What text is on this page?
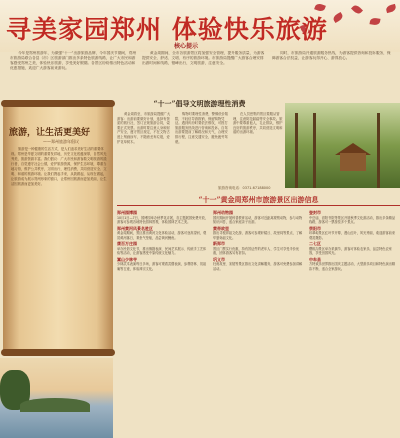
寻美家园郑州 体验快乐旅游
核心提示

今年是郑州旅游年，为做强“十一”出游旅游品牌，今年国庆节期间，郑州市旅游局联合各县（市）区旅游部门推出多条特色旅游线路，让广大市民和游客感受郑州之美，体验快乐旅游，享受美好假期。各景区纷纷推出特色活动和优惠措施，欢迎广大游客前来游玩。

黄金周期间，全市各旅游景区将加强安全管理，提升服务质量，为游客提供安全、舒适、文明、有序的旅游环境。市旅游局提醒广大游客合理安排出游时间和线路，错峰出行，文明旅游，注意安全。

同时，市旅游局开通旅游服务热线，为游客提供咨询和投诉服务，保障游客合法权益，让游客玩得开心、游得放心。

旅游，让生活更美好
——郑州旅游年倡议
旅游是一种健康的生活方式，是人们追求美好生活的重要体现。郑州是华夏文明的重要发祥地，历史文化底蕴深厚，自然风光秀美，旅游资源丰富。我们倡议：广大市民和游客做文明旅游的践行者，自觉遵守社会公德，爱护旅游资源，保护生态环境，尊重当地习俗，维护公共秩序，文明出行，理性消费，共同营造安全、文明、和谐的旅游环境。让我们携起手来，从我做起，从现在做起，让旅游成为展示郑州形象的窗口，让郑州因旅游而更加美丽，让生活因旅游而更加美好。
“十一”倡导文明旅游理性消费

黄金周将至，市旅游局提醒广大游客：出游前要做好计划，选择有资质的旅行社，签订正规旅游合同，索要正式发票。出游时要注意人身和财产安全，遵守景区规定，不在文物古迹上刻画涂写，不随意丢弃垃圾，爱护花草树木。

购物时要理性消费，警惕低价陷阱，不轻信导游推销，保留购物凭证。遇到纠纷时要依法维权，可拨打旅游服务热线进行咨询和投诉。自驾出游要提前了解路况和天气，合理安排行程，注意交通安全，避免疲劳驾驶。

在人员密集的景区要服从管理，注意防范踩踏等安全事故。旅游中要尊重他人，礼让排队，维护良好的旅游秩序，共同营造文明和谐的出游环境。

旅游咨询电话：0371-67188000
“十一”黄金周郑州市旅游景区出游信息
郑州园博园
10月1日—7日，园博园举办秋季花卉展，各主题展园免费开放，游客可参观各地特色园林景观，体验园林艺术之美。
郑州黄河风景名胜区
黄金周期间，景区推出黄河文化体验活动，游客可登高望河，观赏黄河落日，乘坐气垫船，品尝黄河鲤鱼。
康百万庄园
举办民俗文化节，推出豫剧表演、民间艺术展示、传统手工艺体验等活动，让游客感受中原传统文化魅力。
嵩山少林寺
少林武术表演每日多场，游客可观看武僧表演，参观塔林、初祖庵等古迹，体验禅宗文化。
郑州动物园
国庆期间开展科普教育活动，游客可近距离观察动物，参与动物知识问答，适合家庭亲子出游。
黄帝故里
推出寻根拜祖文化游，游客可参观轩辕丘、故里祠等景点，了解华夏始祖文化。
新郑市
景区门票实行优惠，持有效证件的老年人、学生可享受半价优惠，团体游客另有折扣。
巩义市
杜甫故里、宋陵等景区推出文化讲解服务，游客可免费参加讲解活动。
登封市
中岳庙、嵩阳书院等景区开展秋季文化游活动，推出多条精品线路，游客可一票游览多个景点。
荥阳市
环翠峪景区红叶节开幕，漫山红叶，风光秀丽，欢迎游客前来观赏摄影。
二七区
樱桃沟景区举办采摘节，游客可体验农家乐，品尝特色农家饭，享受田园风光。
中牟县
方特欢乐世界推出国庆主题活动，大型游乐项目和特色演出精彩不断，适合全家游玩。
